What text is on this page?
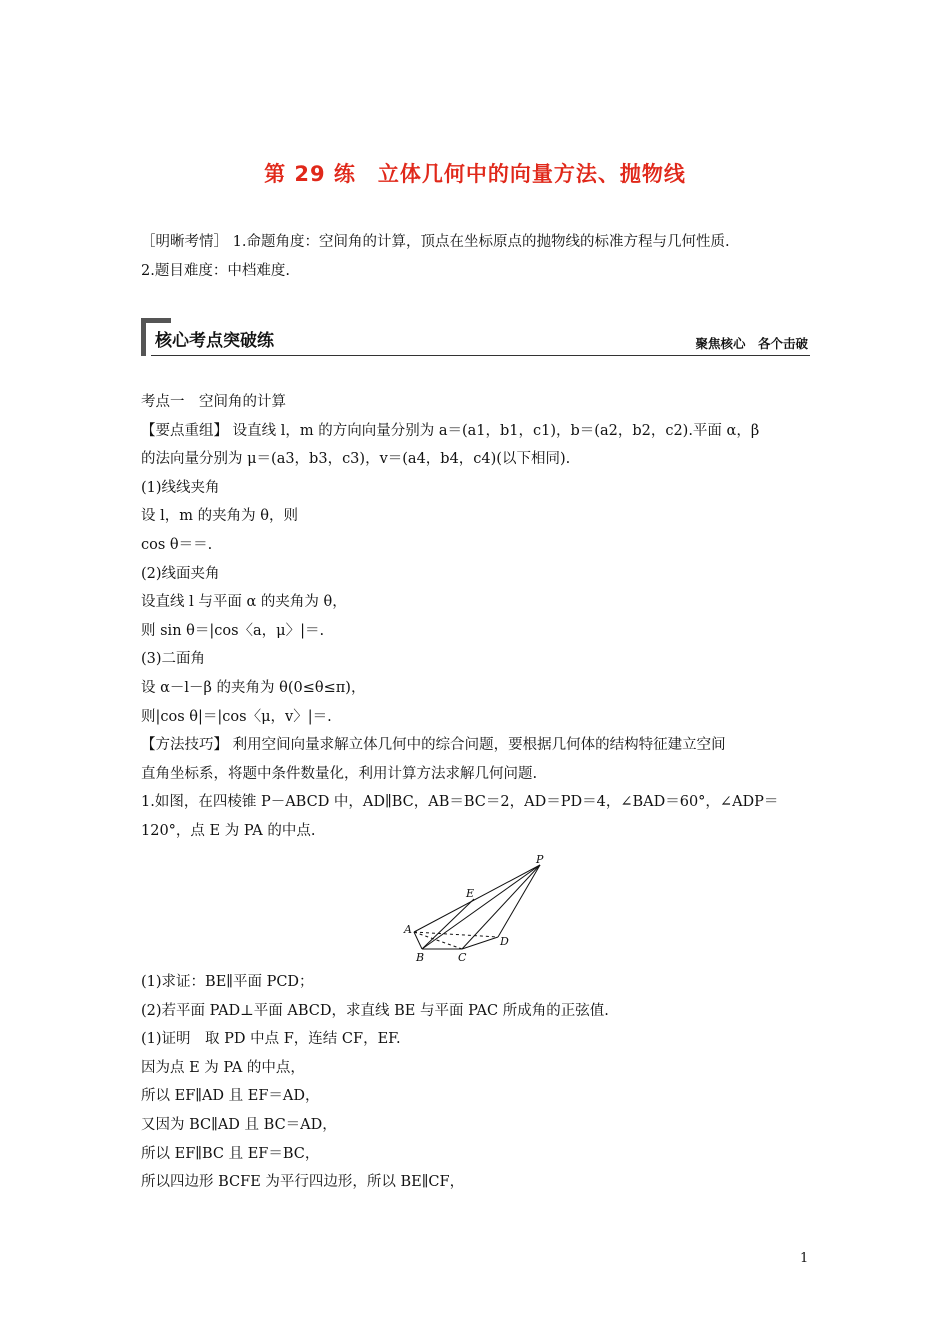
第 29 练　立体几何中的向量方法、抛物线
［明晰考情］ 1.命题角度：空间角的计算，顶点在坐标原点的抛物线的标准方程与几何性质.
2.题目难度：中档难度.
核心考点突破练	聚焦核心　各个击破
考点一　空间角的计算
【要点重组】 设直线 l，m 的方向向量分别为 a＝(a1，b1，c1)，b＝(a2，b2，c2).平面 α，β
的法向量分别为 μ＝(a3，b3，c3)，v＝(a4，b4，c4)(以下相同).
(1)线线夹角
设 l，m 的夹角为 θ，则
cos θ＝＝.
(2)线面夹角
设直线 l 与平面 α 的夹角为 θ，
则 sin θ＝|cos〈a，μ〉|＝.
(3)二面角
设 α－l－β 的夹角为 θ(0≤θ≤π)，
则|cos θ|＝|cos〈μ，v〉|＝.
【方法技巧】 利用空间向量求解立体几何中的综合问题，要根据几何体的结构特征建立空间
直角坐标系，将题中条件数量化，利用计算方法求解几何问题.
1.如图，在四棱锥 P－ABCD 中，AD∥BC，AB＝BC＝2，AD＝PD＝4，∠BAD＝60°，∠ADP＝
120°，点 E 为 PA 的中点.
P
E
A
B	C
D
(1)求证：BE∥平面 PCD；
(2)若平面 PAD⊥平面 ABCD，求直线 BE 与平面 PAC 所成角的正弦值.
(1)证明　取 PD 中点 F，连结 CF，EF.
因为点 E 为 PA 的中点，
所以 EF∥AD 且 EF＝AD，
又因为 BC∥AD 且 BC＝AD，
所以 EF∥BC 且 EF＝BC，
所以四边形 BCFE 为平行四边形，所以 BE∥CF，
1
